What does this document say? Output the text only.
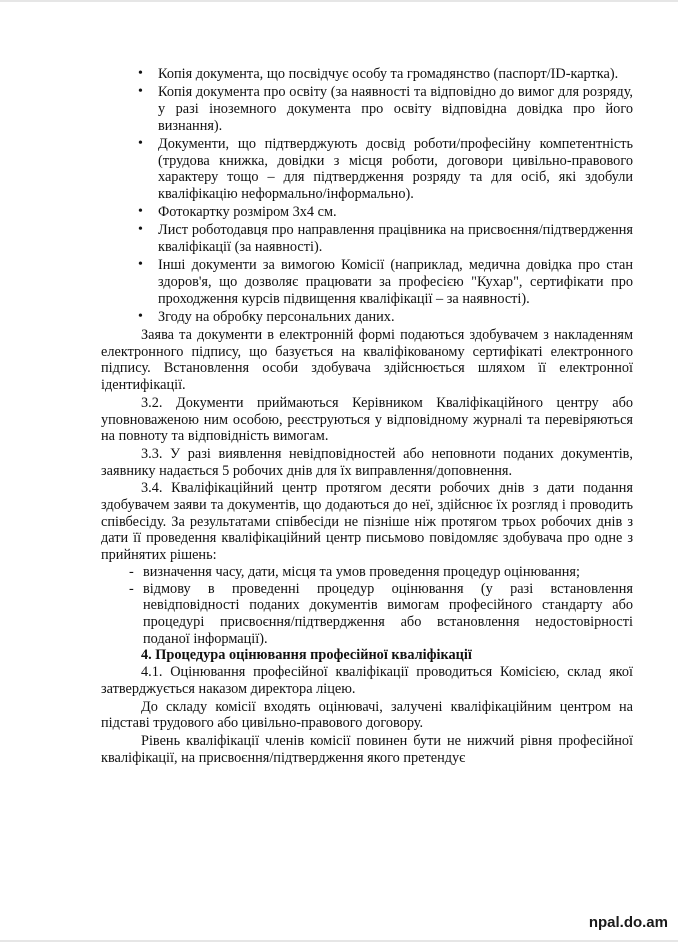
• Копія документа, що посвідчує особу та громадянство (паспорт/ID-картка).
• Копія документа про освіту (за наявності та відповідно до вимог для розряду, у разі іноземного документа про освіту відповідна довідка про його визнання).
• Документи, що підтверджують досвід роботи/професійну компетентність (трудова книжка, довідки з місця роботи, договори цивільно-правового характеру тощо – для підтвердження розряду та для осіб, які здобули кваліфікацію неформально/інформально).
• Фотокартку розміром 3х4 см.
• Лист роботодавця про направлення працівника на присвоєння/підтвердження кваліфікації (за наявності).
• Інші документи за вимогою Комісії (наприклад, медична довідка про стан здоров'я, що дозволяє працювати за професією "Кухар", сертифікати про проходження курсів підвищення кваліфікації – за наявності).
• Згоду на обробку персональних даних.

Заява та документи в електронній формі подаються здобувачем з накладенням електронного підпису, що базується на кваліфікованому сертифікаті електронного підпису. Встановлення особи здобувача здійснюється шляхом її електронної ідентифікації.

3.2. Документи приймаються Керівником Кваліфікаційного центру або уповноваженою ним особою, реєструються у відповідному журналі та перевіряються на повноту та відповідність вимогам.

3.3. У разі виявлення невідповідностей або неповноти поданих документів, заявнику надається 5 робочих днів для їх виправлення/доповнення.

3.4. Кваліфікаційний центр протягом десяти робочих днів з дати подання здобувачем заяви та документів, що додаються до неї, здійснює їх розгляд і проводить співбесіду. За результатами співбесіди не пізніше ніж протягом трьох робочих днів з дати її проведення кваліфікаційний центр письмово повідомляє здобувача про одне з прийнятих рішень:

- визначення часу, дати, місця та умов проведення процедур оцінювання;
- відмову в проведенні процедур оцінювання (у разі встановлення невідповідності поданих документів вимогам професійного стандарту або процедурі присвоєння/підтвердження або встановлення недостовірності поданої інформації).

4. Процедура оцінювання професійної кваліфікації

4.1. Оцінювання професійної кваліфікації проводиться Комісією, склад якої затверджується наказом директора ліцею.

До складу комісії входять оцінювачі, залучені кваліфікаційним центром на підставі трудового або цивільно-правового договору.

Рівень кваліфікації членів комісії повинен бути не нижчий рівня професійної кваліфікації, на присвоєння/підтвердження якого претендує

npal.do.am
